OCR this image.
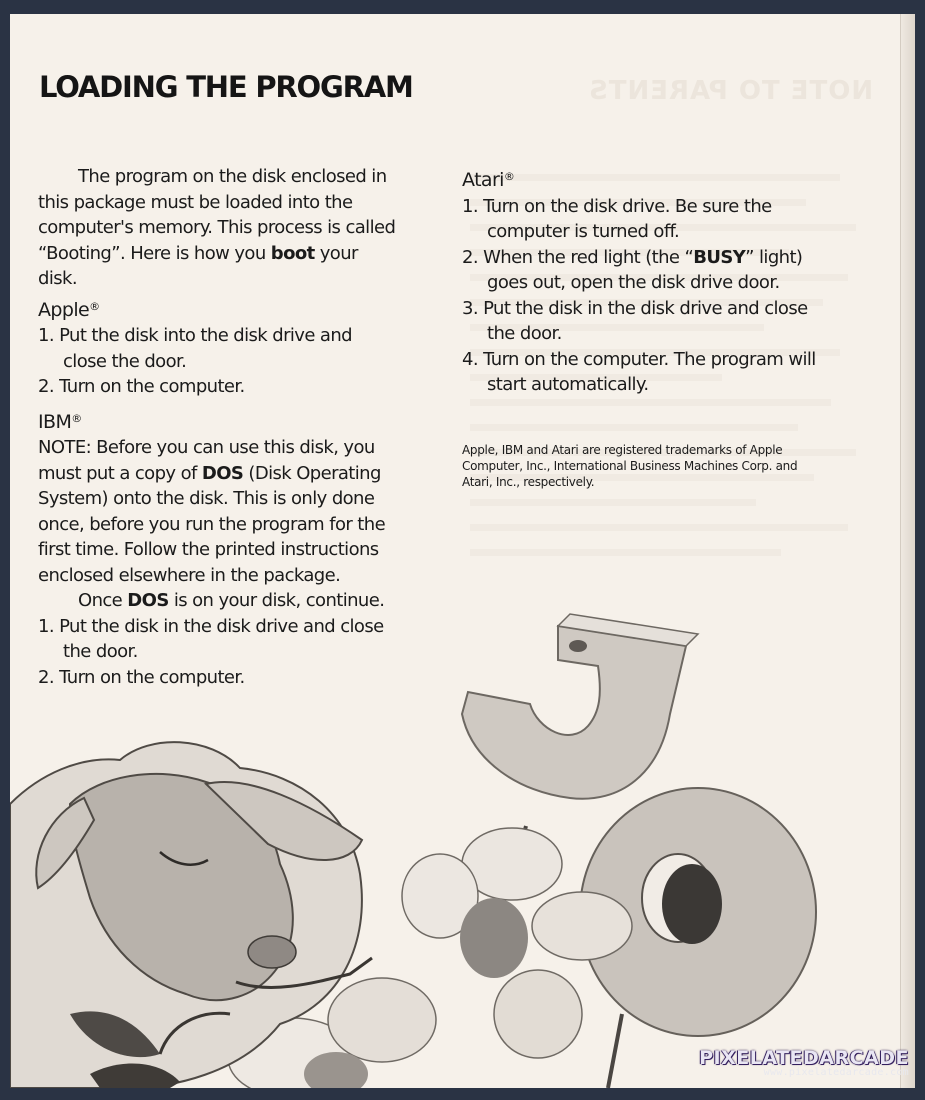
NOTE TO PARENTS
LOADING THE PROGRAM

The program on the disk enclosed in this package must be loaded into the computer's memory. This process is called “Booting”. Here is how you boot your disk.

Apple®

1. Put the disk into the disk drive and close the door.
2. Turn on the computer.

IBM®

NOTE: Before you can use this disk, you must put a copy of DOS (Disk Operating System) onto the disk. This is only done once, before you run the program for the first time. Follow the printed instructions enclosed elsewhere in the package.

Once DOS is on your disk, continue.

1. Put the disk in the disk drive and close the door.
2. Turn on the computer.

Atari®

1. Turn on the disk drive. Be sure the computer is turned off.
2. When the red light (the “BUSY” light) goes out, open the disk drive door.
3. Put the disk in the disk drive and close the door.
4. Turn on the computer. The program will start automatically.
Apple, IBM and Atari are registered trademarks of Apple Computer, Inc., International Business Machines Corp. and Atari, Inc., respectively.
PIXELATEDARCADE
www.pixelatedarcade.com
